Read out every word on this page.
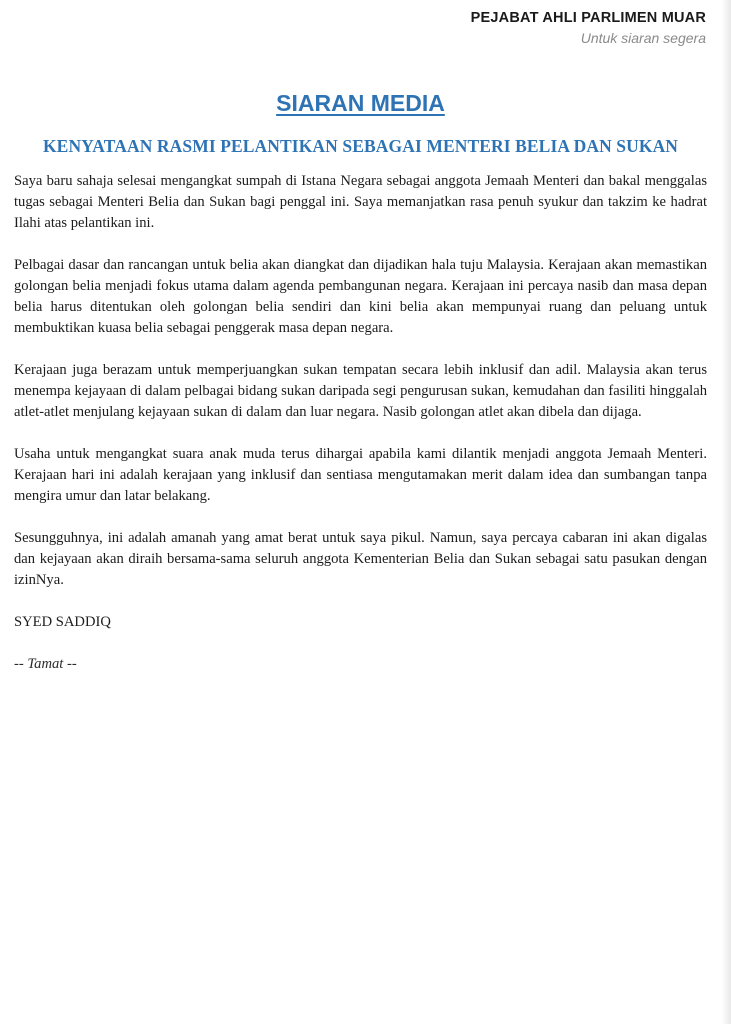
PEJABAT AHLI PARLIMEN MUAR
Untuk siaran segera
SIARAN MEDIA
KENYATAAN RASMI PELANTIKAN SEBAGAI MENTERI BELIA DAN SUKAN

Saya baru sahaja selesai mengangkat sumpah di Istana Negara sebagai anggota Jemaah Menteri dan bakal menggalas tugas sebagai Menteri Belia dan Sukan bagi penggal ini. Saya memanjatkan rasa penuh syukur dan takzim ke hadrat Ilahi atas pelantikan ini.

Pelbagai dasar dan rancangan untuk belia akan diangkat dan dijadikan hala tuju Malaysia. Kerajaan akan memastikan golongan belia menjadi fokus utama dalam agenda pembangunan negara. Kerajaan ini percaya nasib dan masa depan belia harus ditentukan oleh golongan belia sendiri dan kini belia akan mempunyai ruang dan peluang untuk membuktikan kuasa belia sebagai penggerak masa depan negara.

Kerajaan juga berazam untuk memperjuangkan sukan tempatan secara lebih inklusif dan adil. Malaysia akan terus menempa kejayaan di dalam pelbagai bidang sukan daripada segi pengurusan sukan, kemudahan dan fasiliti hinggalah atlet-atlet menjulang kejayaan sukan di dalam dan luar negara. Nasib golongan atlet akan dibela dan dijaga.

Usaha untuk mengangkat suara anak muda terus dihargai apabila kami dilantik menjadi anggota Jemaah Menteri. Kerajaan hari ini adalah kerajaan yang inklusif dan sentiasa mengutamakan merit dalam idea dan sumbangan tanpa mengira umur dan latar belakang.

Sesungguhnya, ini adalah amanah yang amat berat untuk saya pikul. Namun, saya percaya cabaran ini akan digalas dan kejayaan akan diraih bersama-sama seluruh anggota Kementerian Belia dan Sukan sebagai satu pasukan dengan izinNya.

SYED SADDIQ
-- Tamat --
